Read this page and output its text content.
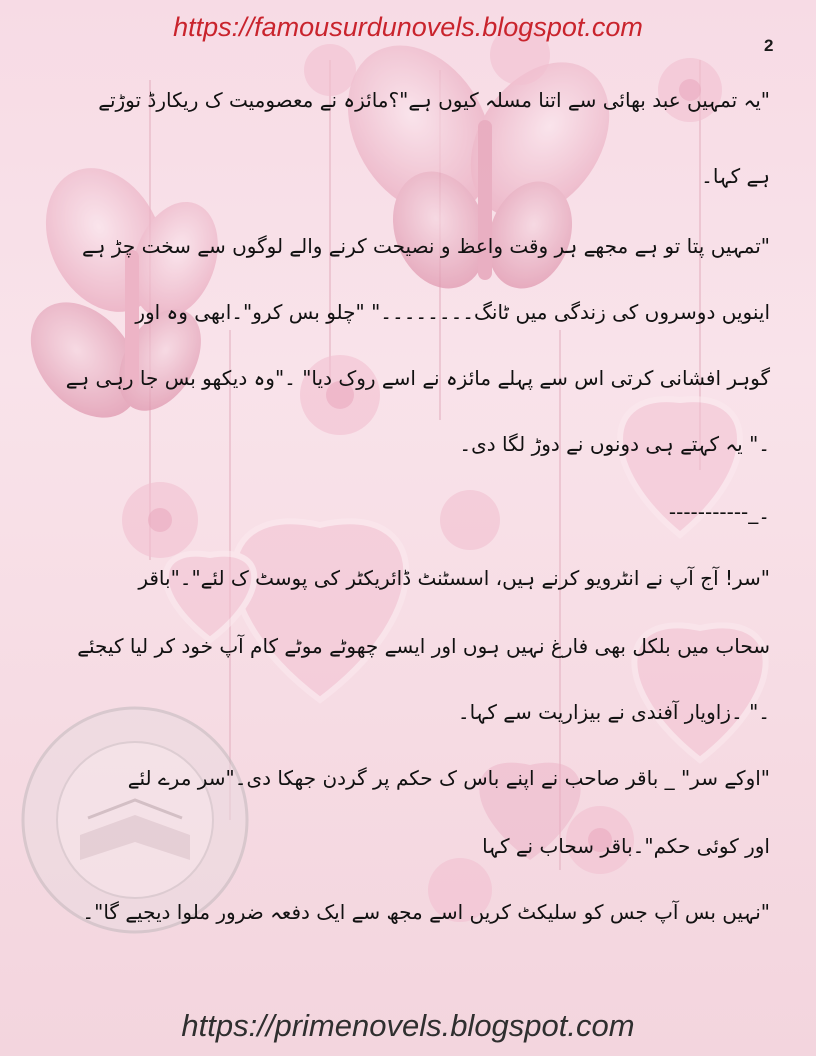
https://famousurdunovels.blogspot.com
2
"یہ تمہیں عبد بھائی سے اتنا مسلہ کیوں ہے"؟مائزہ نے معصومیت ک ریکارڈ توڑتے
ہے کہا۔
"تمہیں پتا تو ہے مجھے ہر وقت واعظ و نصیحت کرنے والے لوگوں سے سخت چڑ ہے
اینویں دوسروں کی زندگی میں ٹانگ۔۔۔۔۔۔۔۔" "چلو بس کرو"۔ابھی وہ اور
گوہر افشانی کرتی اس سے پہلے مائزہ نے اسے روک دیا" ۔"وہ دیکھو بس جا رہی ہے
۔" یہ کہتے ہی دونوں نے دوڑ لگا دی۔
۔_-----------
"سر! آج آپ نے انٹرویو کرنے ہیں، اسسٹنٹ ڈائریکٹر کی پوسٹ ک لئے"۔"باقر
سحاب میں بلکل بھی فارغ نہیں ہوں اور ایسے چھوٹے موٹے کام آپ خود کر لیا کیجئے
۔" ۔زاویار آفندی نے بیزاریت سے کہا۔
"اوکے سر" _ باقر صاحب نے اپنے باس ک حکم پر گردن جھکا دی۔"سر مرے لئے
اور کوئی حکم"۔باقر سحاب نے کہا
"نہیں بس آپ جس کو سلیکٹ کریں اسے مجھ سے ایک دفعہ ضرور ملوا دیجیے گا"۔
https://primenovels.blogspot.com
